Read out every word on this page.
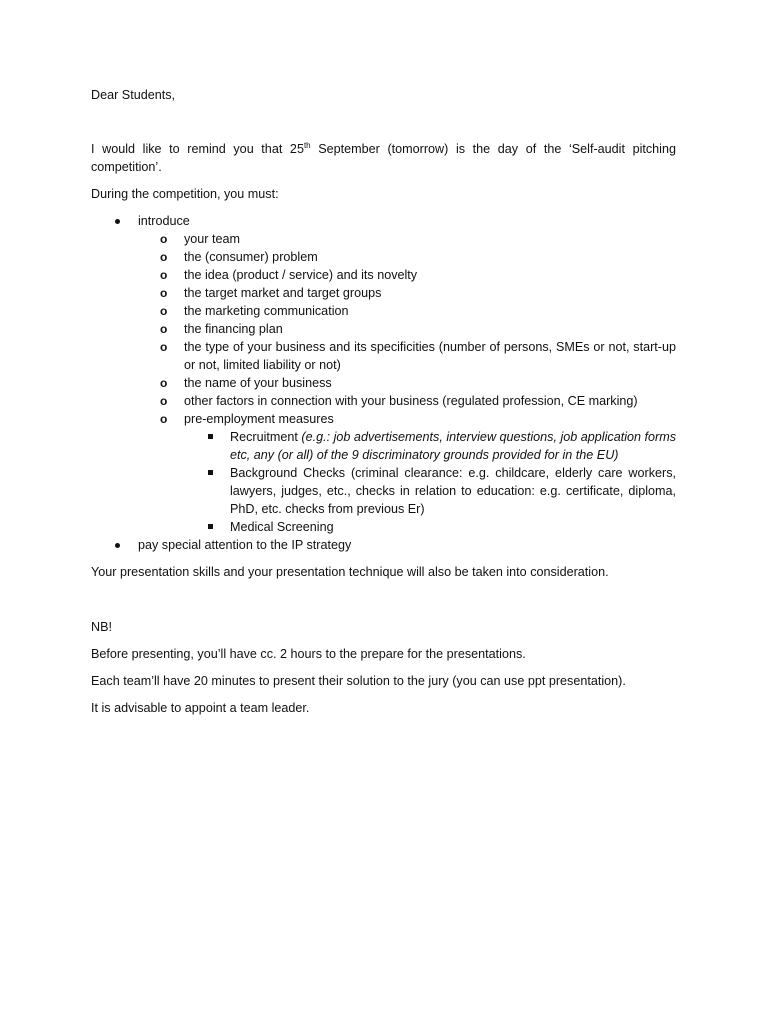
Dear Students,

I would like to remind you that 25th September (tomorrow) is the day of the ‘Self-audit pitching competition’.

During the competition, you must:

introduce
o your team
o the (consumer) problem
o the idea (product / service) and its novelty
o the target market and target groups
o the marketing communication
o the financing plan
o the type of your business and its specificities (number of persons, SMEs or not, start-up or not, limited liability or not)
o the name of your business
o other factors in connection with your business (regulated profession, CE marking)
o pre-employment measures
Recruitment (e.g.: job advertisements, interview questions, job application forms etc, any (or all) of the 9 discriminatory grounds provided for in the EU)
Background Checks (criminal clearance: e.g. childcare, elderly care workers, lawyers, judges, etc., checks in relation to education: e.g. certificate, diploma, PhD, etc. checks from previous Er)
Medical Screening
pay special attention to the IP strategy

Your presentation skills and your presentation technique will also be taken into consideration.

NB!

Before presenting, you’ll have cc. 2 hours to the prepare for the presentations.

Each team’ll have 20 minutes to present their solution to the jury (you can use ppt presentation).

It is advisable to appoint a team leader.
